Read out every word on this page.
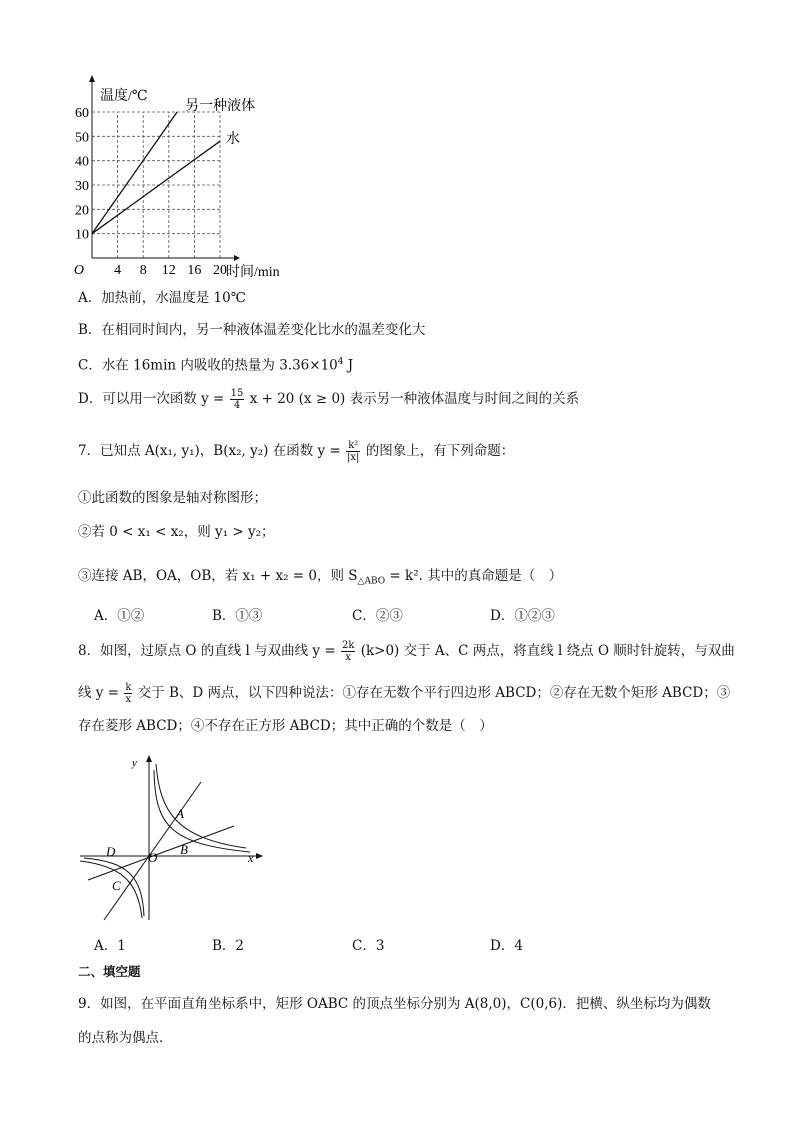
4 8 12 16 20
10
20
30
40
50
60
O	时间/min
温度/℃
另一种液体
水
A．加热前，水温度是 10℃
B．在相同时间内，另一种液体温差变化比水的温差变化大
C．水在 16min 内吸收的热量为 $3.36\times 10^4$ J
D．可以用一次函数 $y = \frac{15}{4}$ x + 20 (x ≥ 0) 表示另一种液体温度与时间之间的关系
7．已知点 A(x₁, y₁)，B(x₂, y₂) 在函数 $y = \frac{\text{k²}}{|x|}$ 的图象上，有下列命题：
①此函数的图象是轴对称图形；
②若 0 < x₁ < x₂，则 y₁ > y₂；
③连接 AB，OA，OB，若 x₁ + x₂ = 0，则 $S_{\triangle ABO} = k^2$. 其中的真命题是（　）
A．①②	B．①③	C．②③	D．①②③
8．如图，过原点 O 的直线 l 与双曲线 $y = \frac{2k}{x} (k>0)$ 交于 A、C 两点，将直线 l 绕点 O 顺时针旋转，与双曲
线 $y = \frac{k}{x}$ 交于 B、D 两点，以下四种说法：①存在无数个平行四边形 ABCD；②存在无数个矩形 ABCD；③
存在菱形 ABCD；④不存在正方形 ABCD；其中正确的个数是（　）
y
x
A
B
C
D	O
A．1	B．2	C．3	D．4
二、填空题
9．如图，在平面直角坐标系中，矩形 OABC 的顶点坐标分别为 A(8,0)，C(0,6)．把横、纵坐标均为偶数
的点称为偶点．
